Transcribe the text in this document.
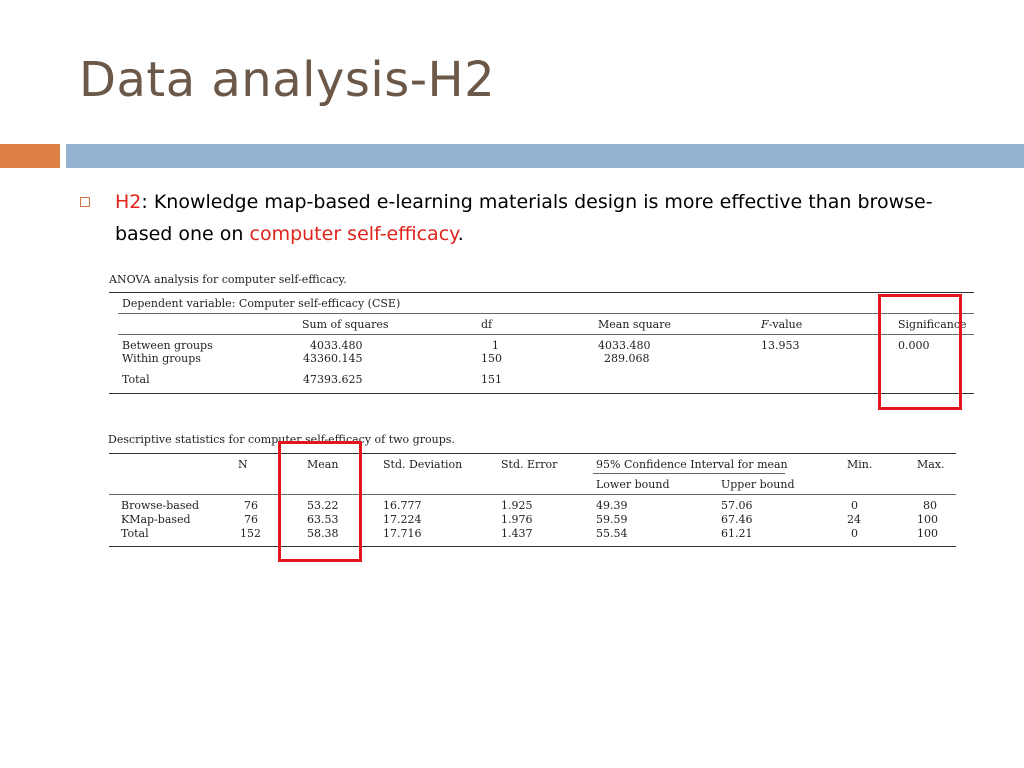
Data analysis-H2
H2: Knowledge map-based e-learning materials design is more effective than browse-based one on computer self-efficacy.
ANOVA analysis for computer self-efficacy.
Dependent variable: Computer self-efficacy (CSE)
Sum of squares	df	Mean square	F-value	Significance
Between groups	4033.480	1	4033.480	13.953	0.000
Within groups	43360.145	150	289.068
Total	47393.625	151
Descriptive statistics for computer self-efficacy of two groups.
N	Mean	Std. Deviation	Std. Error	95% Confidence Interval for mean	Min.	Max.
Lower bound	Upper bound
Browse-based	76	53.22	16.777	1.925	49.39	57.06	0	80
KMap-based	76	63.53	17.224	1.976	59.59	67.46	24	100
Total	152	58.38	17.716	1.437	55.54	61.21	0	100
